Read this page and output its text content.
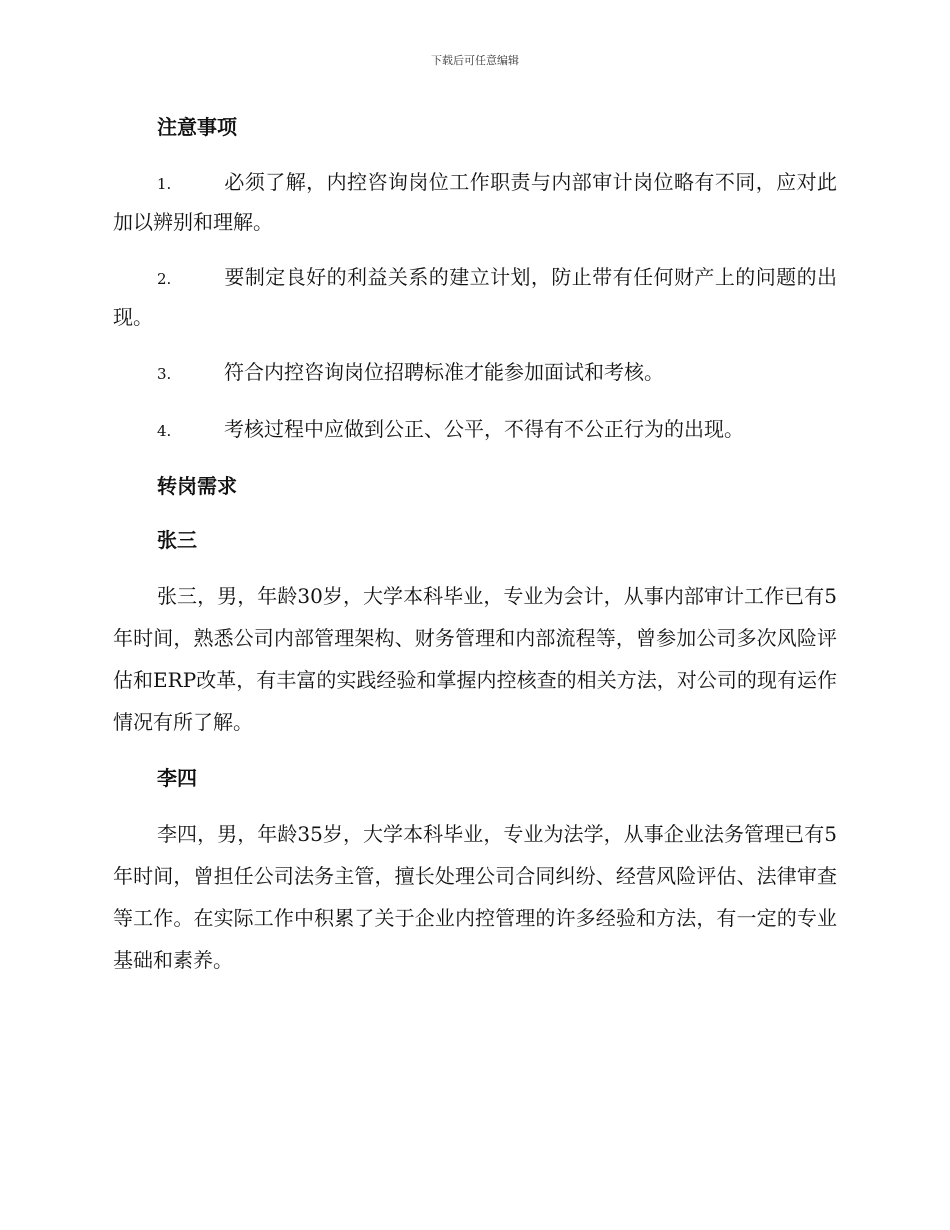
下载后可任意编辑
注意事项
1.	必须了解，内控咨询岗位工作职责与内部审计岗位略有不同，应对此加以辨别和理解。
2.	要制定良好的利益关系的建立计划，防止带有任何财产上的问题的出现。
3.	符合内控咨询岗位招聘标准才能参加面试和考核。
4.	考核过程中应做到公正、公平，不得有不公正行为的出现。
转岗需求
张三

张三，男，年龄30岁，大学本科毕业，专业为会计，从事内部审计工作已有5年时间，熟悉公司内部管理架构、财务管理和内部流程等，曾参加公司多次风险评估和ERP改革，有丰富的实践经验和掌握内控核查的相关方法，对公司的现有运作情况有所了解。

李四

李四，男，年龄35岁，大学本科毕业，专业为法学，从事企业法务管理已有5年时间，曾担任公司法务主管，擅长处理公司合同纠纷、经营风险评估、法律审查等工作。在实际工作中积累了关于企业内控管理的许多经验和方法，有一定的专业基础和素养。
